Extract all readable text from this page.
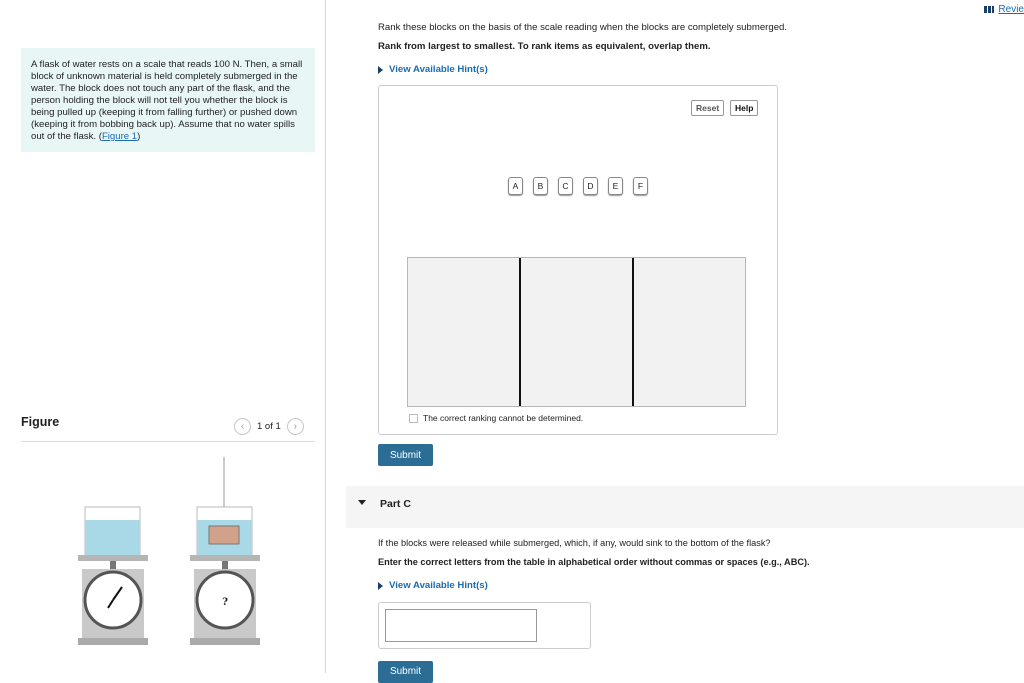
A flask of water rests on a scale that reads 100 N. Then, a small block of unknown material is held completely submerged in the water. The block does not touch any part of the flask, and the person holding the block will not tell you whether the block is being pulled up (keeping it from falling further) or pushed down (keeping it from bobbing back up). Assume that no water spills out of the flask. (Figure 1)
Figure	‹ 1 of 1 ›
?
Revie
Rank these blocks on the basis of the scale reading when the blocks are completely submerged.
Rank from largest to smallest. To rank items as equivalent, overlap them.
View Available Hint(s)
Reset	Help
A	B	C	D	E	F
The correct ranking cannot be determined.
Submit
Part C
If the blocks were released while submerged, which, if any, would sink to the bottom of the flask?
Enter the correct letters from the table in alphabetical order without commas or spaces (e.g., ABC).
View Available Hint(s)
Submit
